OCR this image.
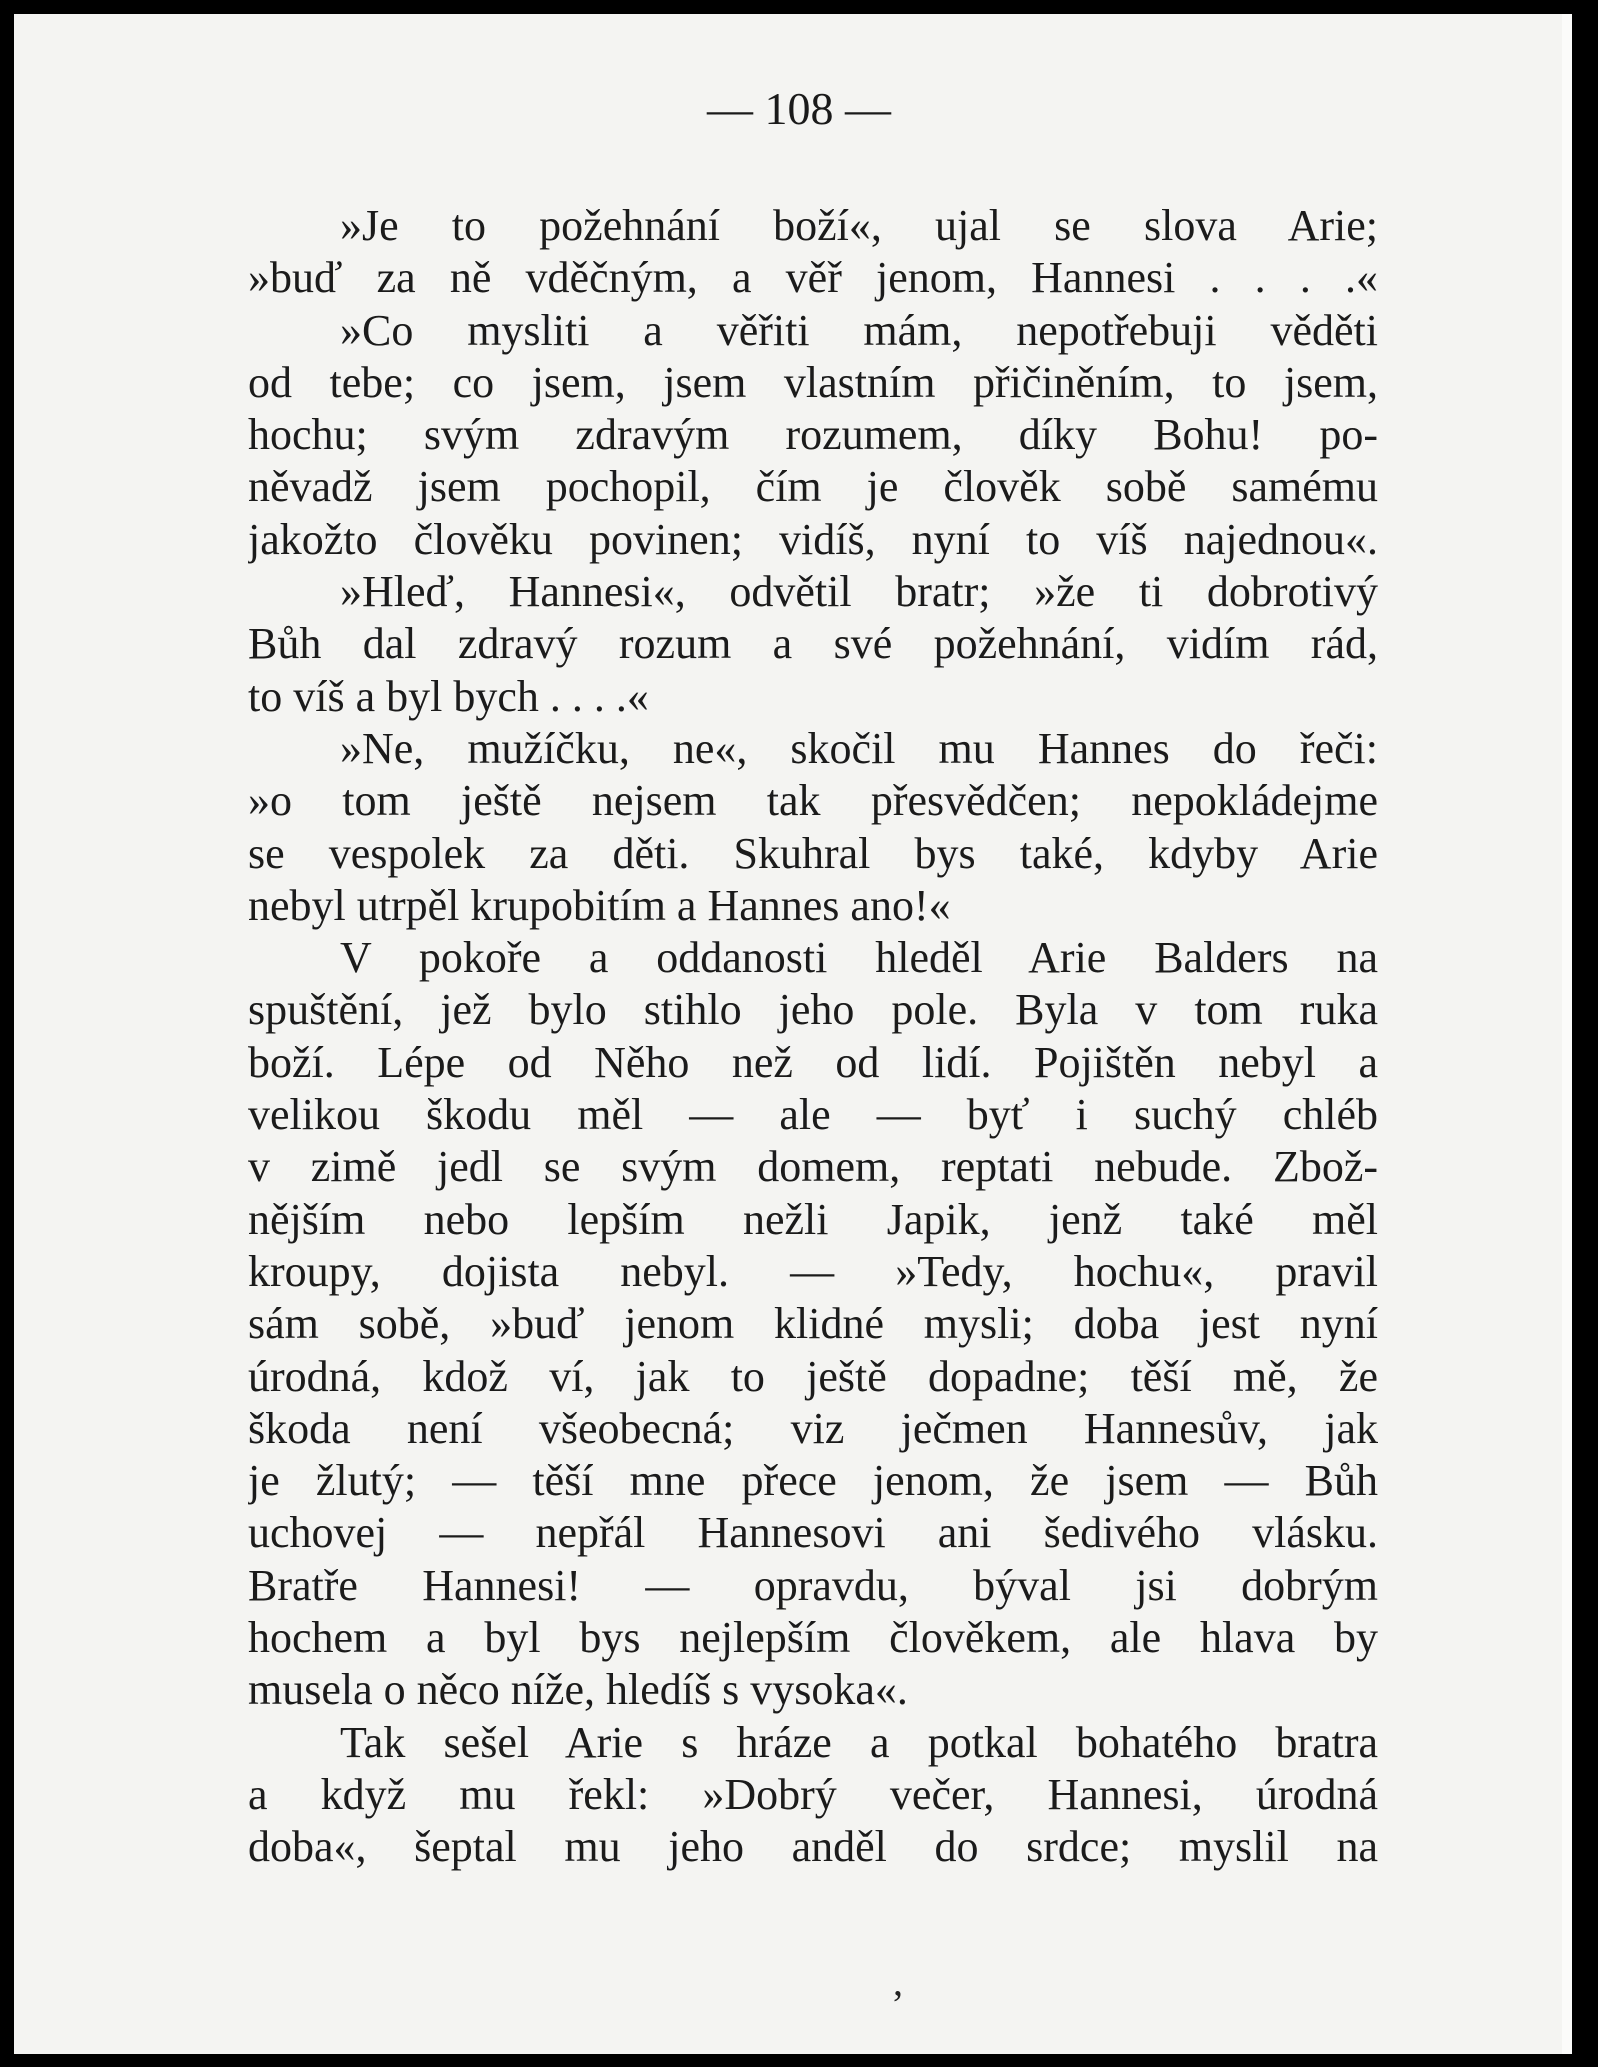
— 108 —

»Je to požehnání boží«, ujal se slova Arie;
»buď za ně vděčným, a věř jenom, Hannesi . . . .«
»Co mysliti a věřiti mám, nepotřebuji věděti
od tebe; co jsem, jsem vlastním přičiněním, to jsem,
hochu; svým zdravým rozumem, díky Bohu! po-
něvadž jsem pochopil, čím je člověk sobě samému
jakožto člověku povinen; vidíš, nyní to víš najednou«.
»Hleď, Hannesi«, odvětil bratr; »že ti dobrotivý
Bůh dal zdravý rozum a své požehnání, vidím rád,
to víš a byl bych . . . .«
»Ne, mužíčku, ne«, skočil mu Hannes do řeči:
»o tom ještě nejsem tak přesvědčen; nepokládejme
se vespolek za děti. Skuhral bys také, kdyby Arie
nebyl utrpěl krupobitím a Hannes ano!«
V pokoře a oddanosti hleděl Arie Balders na
spuštění, jež bylo stihlo jeho pole. Byla v tom ruka
boží. Lépe od Něho než od lidí. Pojištěn nebyl a
velikou škodu měl — ale — byť i suchý chléb
v zimě jedl se svým domem, reptati nebude. Zbož-
nějším nebo lepším nežli Japik, jenž také měl
kroupy, dojista nebyl. — »Tedy, hochu«, pravil
sám sobě, »buď jenom klidné mysli; doba jest nyní
úrodná, kdož ví, jak to ještě dopadne; těší mě, že
škoda není všeobecná; viz ječmen Hannesův, jak
je žlutý; — těší mne přece jenom, že jsem — Bůh
uchovej — nepřál Hannesovi ani šedivého vlásku.
Bratře Hannesi! — opravdu, býval jsi dobrým
hochem a byl bys nejlepším člověkem, ale hlava by
musela o něco níže, hledíš s vysoka«.
Tak sešel Arie s hráze a potkal bohatého bratra
a když mu řekl: »Dobrý večer, Hannesi, úrodná
doba«, šeptal mu jeho anděl do srdce; myslil na
,
